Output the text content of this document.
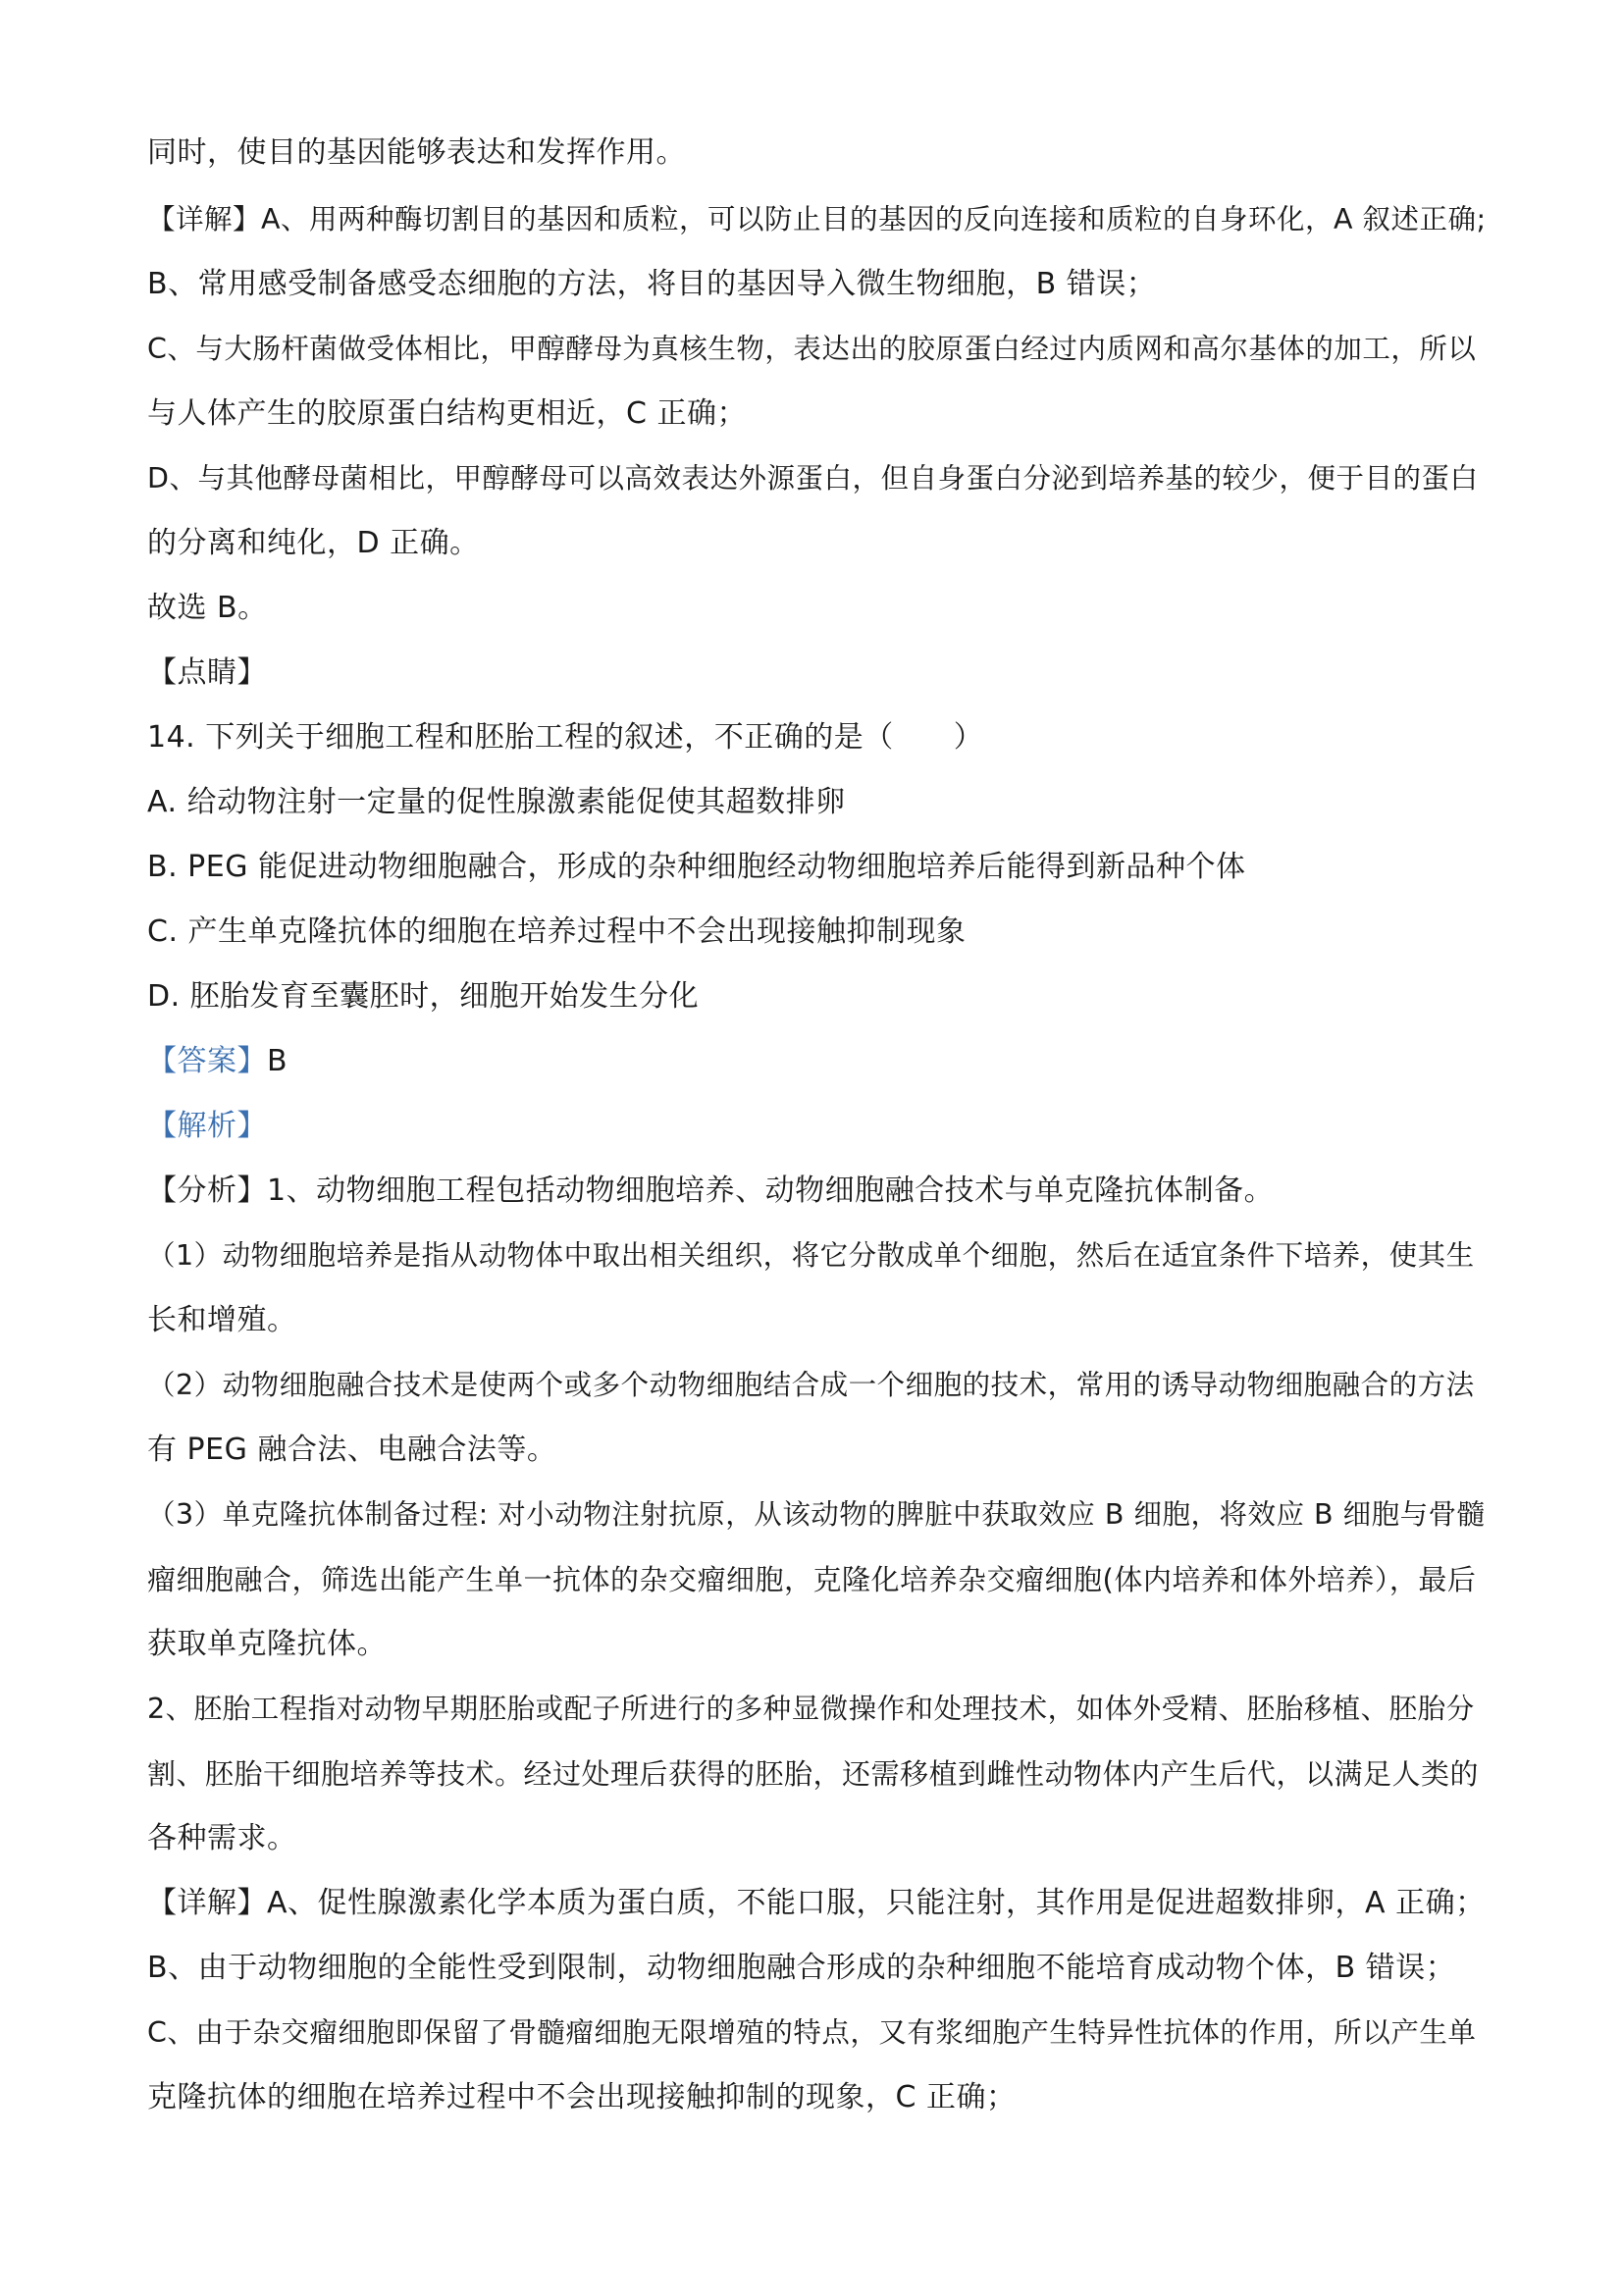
同时，使目的基因能够表达和发挥作用。
【详解】A、用两种酶切割目的基因和质粒，可以防止目的基因的反向连接和质粒的自身环化，A 叙述正确;
B、常用感受制备感受态细胞的方法，将目的基因导入微生物细胞，B 错误；
C、与大肠杆菌做受体相比，甲醇酵母为真核生物，表达出的胶原蛋白经过内质网和高尔基体的加工，所以
与人体产生的胶原蛋白结构更相近，C 正确；
D、与其他酵母菌相比，甲醇酵母可以高效表达外源蛋白，但自身蛋白分泌到培养基的较少，便于目的蛋白
的分离和纯化，D 正确。
故选 B。
【点睛】
14. 下列关于细胞工程和胚胎工程的叙述，不正确的是（　　）
A. 给动物注射一定量的促性腺激素能促使其超数排卵
B. PEG 能促进动物细胞融合，形成的杂种细胞经动物细胞培养后能得到新品种个体
C. 产生单克隆抗体的细胞在培养过程中不会出现接触抑制现象
D. 胚胎发育至囊胚时，细胞开始发生分化
【答案】B
【解析】
【分析】1、动物细胞工程包括动物细胞培养、动物细胞融合技术与单克隆抗体制备。
（1）动物细胞培养是指从动物体中取出相关组织，将它分散成单个细胞，然后在适宜条件下培养，使其生
长和增殖。
（2）动物细胞融合技术是使两个或多个动物细胞结合成一个细胞的技术，常用的诱导动物细胞融合的方法
有 PEG 融合法、电融合法等。
（3）单克隆抗体制备过程: 对小动物注射抗原，从该动物的脾脏中获取效应 B 细胞，将效应 B 细胞与骨髓
瘤细胞融合，筛选出能产生单一抗体的杂交瘤细胞，克隆化培养杂交瘤细胞(体内培养和体外培养），最后
获取单克隆抗体。
2、胚胎工程指对动物早期胚胎或配子所进行的多种显微操作和处理技术，如体外受精、胚胎移植、胚胎分
割、胚胎干细胞培养等技术。经过处理后获得的胚胎，还需移植到雌性动物体内产生后代，以满足人类的
各种需求。
【详解】A、促性腺激素化学本质为蛋白质，不能口服，只能注射，其作用是促进超数排卵，A 正确；
B、由于动物细胞的全能性受到限制，动物细胞融合形成的杂种细胞不能培育成动物个体，B 错误；
C、由于杂交瘤细胞即保留了骨髓瘤细胞无限增殖的特点，又有浆细胞产生特异性抗体的作用，所以产生单
克隆抗体的细胞在培养过程中不会出现接触抑制的现象，C 正确；
